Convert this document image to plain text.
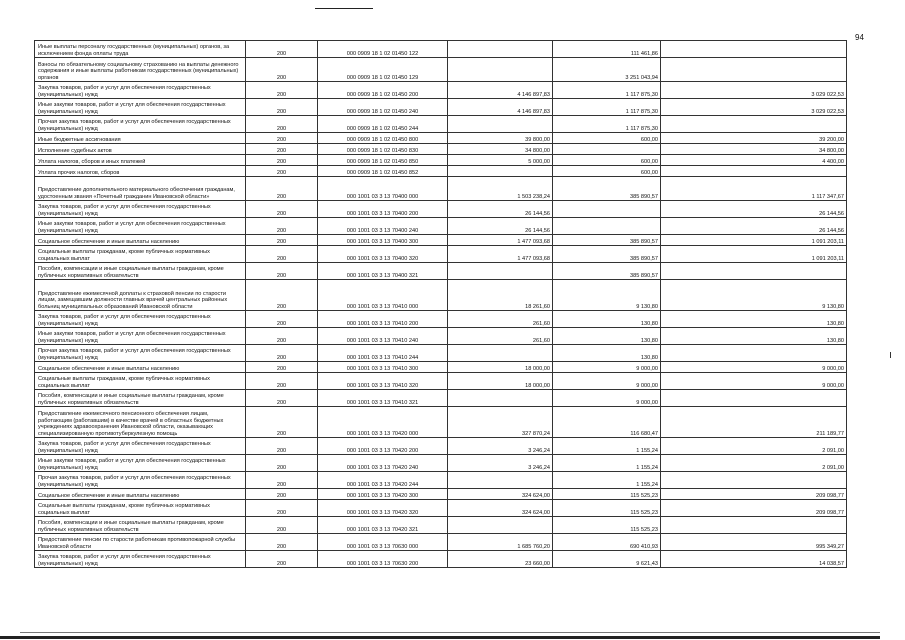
94
Иные выплаты персоналу государственных (муниципальных) органов, за исключением фонда оплаты труда	200	000 0909 18 1 02 01450 122		111 461,86	
Взносы по обязательному социальному страхованию на выплаты денежного содержания и иные выплаты работникам государственных (муниципальных) органов	200	000 0909 18 1 02 01450 129		3 251 043,94	
Закупка товаров, работ и услуг для обеспечения государственных (муниципальных) нужд	200	000 0909 18 1 02 01450 200	4 146 897,83	1 117 875,30	3 029 022,53
Иные закупки товаров, работ и услуг для обеспечения государственных (муниципальных) нужд	200	000 0909 18 1 02 01450 240	4 146 897,83	1 117 875,30	3 029 022,53
Прочая закупка товаров, работ и услуг для обеспечения государственных (муниципальных) нужд	200	000 0909 18 1 02 01450 244		1 117 875,30	
Иные бюджетные ассигнования	200	000 0909 18 1 02 01450 800	39 800,00	600,00	39 200,00
Исполнение судебных актов	200	000 0909 18 1 02 01450 830	34 800,00		34 800,00
Уплата налогов, сборов и иных платежей	200	000 0909 18 1 02 01450 850	5 000,00	600,00	4 400,00
Уплата прочих налогов, сборов	200	000 0909 18 1 02 01450 852		600,00	
Предоставление дополнительного материального обеспечения гражданам, удостоенным звания «Почетный гражданин Ивановской области»	200	000 1001 03 3 13 70400 000	1 503 238,24	385 890,57	1 117 347,67
Закупка товаров, работ и услуг для обеспечения государственных (муниципальных) нужд	200	000 1001 03 3 13 70400 200	26 144,56		26 144,56
Иные закупки товаров, работ и услуг для обеспечения государственных (муниципальных) нужд	200	000 1001 03 3 13 70400 240	26 144,56		26 144,56
Социальное обеспечение и иные выплаты населению	200	000 1001 03 3 13 70400 300	1 477 093,68	385 890,57	1 091 203,11
Социальные выплаты гражданам, кроме публичных нормативных социальных выплат	200	000 1001 03 3 13 70400 320	1 477 093,68	385 890,57	1 091 203,11
Пособия, компенсации и иные социальные выплаты гражданам, кроме публичных нормативных обязательств	200	000 1001 03 3 13 70400 321		385 890,57	
Предоставление ежемесячной доплаты к страховой пенсии по старости лицам, замещавшим должности главных врачей центральных районных больниц муниципальных образований Ивановской области	200	000 1001 03 3 13 70410 000	18 261,60	9 130,80	9 130,80
Закупка товаров, работ и услуг для обеспечения государственных (муниципальных) нужд	200	000 1001 03 3 13 70410 200	261,60	130,80	130,80
Иные закупки товаров, работ и услуг для обеспечения государственных (муниципальных) нужд	200	000 1001 03 3 13 70410 240	261,60	130,80	130,80
Прочая закупка товаров, работ и услуг для обеспечения государственных (муниципальных) нужд	200	000 1001 03 3 13 70410 244		130,80	
Социальное обеспечение и иные выплаты населению	200	000 1001 03 3 13 70410 300	18 000,00	9 000,00	9 000,00
Социальные выплаты гражданам, кроме публичных нормативных социальных выплат	200	000 1001 03 3 13 70410 320	18 000,00	9 000,00	9 000,00
Пособия, компенсации и иные социальные выплаты гражданам, кроме публичных нормативных обязательств	200	000 1001 03 3 13 70410 321		9 000,00	
Предоставление ежемесячного пенсионного обеспечения лицам, работающим (работавшим) в качестве врачей в областных бюджетных учреждениях здравоохранения Ивановской области, оказывающих специализированную противотуберкулезную помощь	200	000 1001 03 3 13 70420 000	327 870,24	116 680,47	211 189,77
Закупка товаров, работ и услуг для обеспечения государственных (муниципальных) нужд	200	000 1001 03 3 13 70420 200	3 246,24	1 155,24	2 091,00
Иные закупки товаров, работ и услуг для обеспечения государственных (муниципальных) нужд	200	000 1001 03 3 13 70420 240	3 246,24	1 155,24	2 091,00
Прочая закупка товаров, работ и услуг для обеспечения государственных (муниципальных) нужд	200	000 1001 03 3 13 70420 244		1 155,24	
Социальное обеспечение и иные выплаты населению	200	000 1001 03 3 13 70420 300	324 624,00	115 525,23	209 098,77
Социальные выплаты гражданам, кроме публичных нормативных социальных выплат	200	000 1001 03 3 13 70420 320	324 624,00	115 525,23	209 098,77
Пособия, компенсации и иные социальные выплаты гражданам, кроме публичных нормативных обязательств	200	000 1001 03 3 13 70420 321		115 525,23	
Предоставление пенсии по старости работникам противопожарной службы Ивановской области	200	000 1001 03 3 13 70630 000	1 685 760,20	690 410,93	995 349,27
Закупка товаров, работ и услуг для обеспечения государственных (муниципальных) нужд	200	000 1001 03 3 13 70630 200	23 660,00	9 621,43	14 038,57
